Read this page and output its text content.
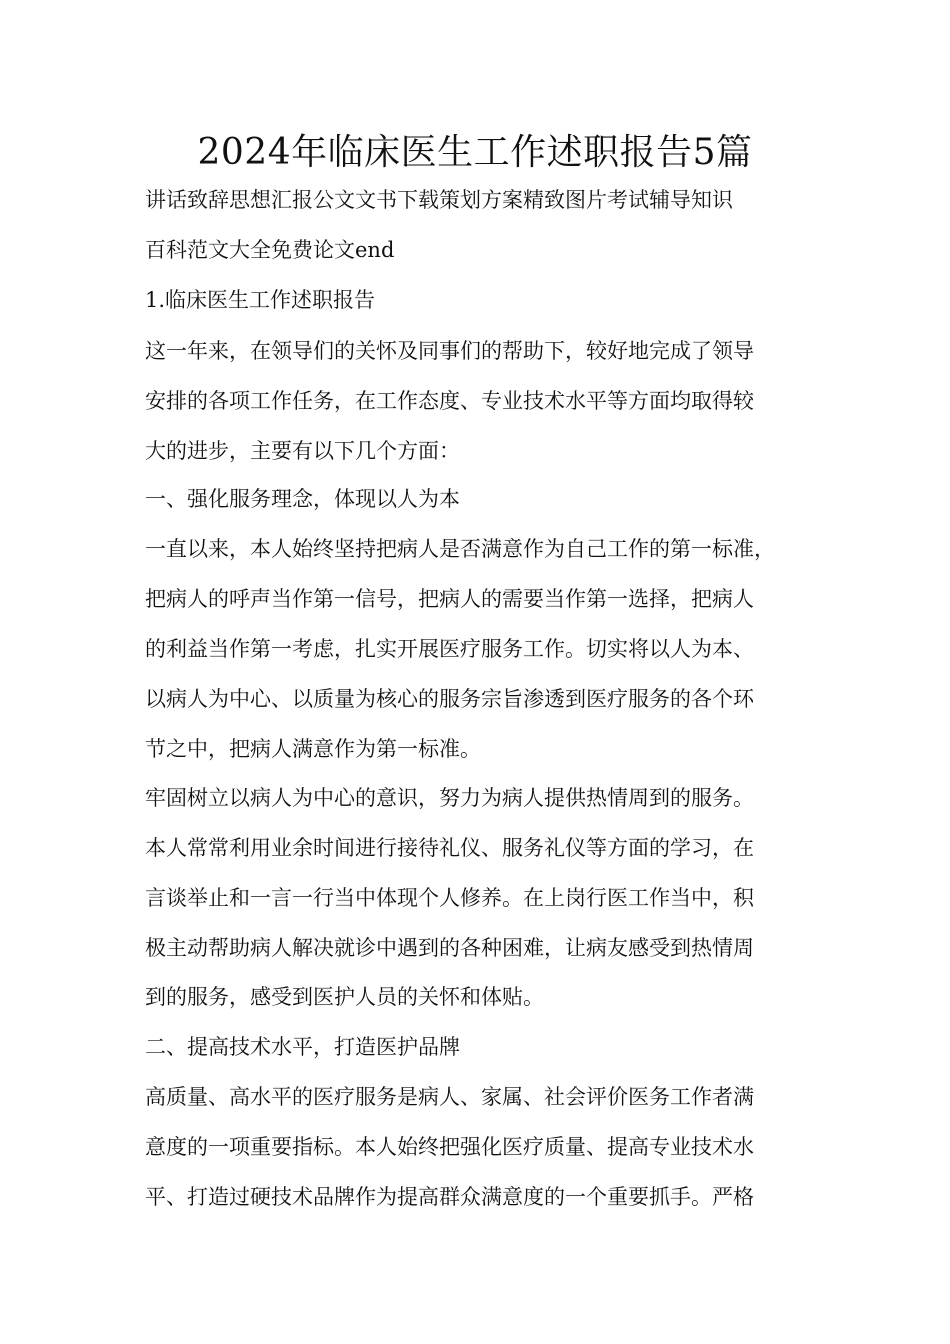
2024年临床医生工作述职报告5篇

讲话致辞思想汇报公文文书下载策划方案精致图片考试辅导知识

百科范文大全免费论文end

1.临床医生工作述职报告

这一年来，在领导们的关怀及同事们的帮助下，较好地完成了领导

安排的各项工作任务，在工作态度、专业技术水平等方面均取得较

大的进步，主要有以下几个方面：

一、强化服务理念，体现以人为本

一直以来，本人始终坚持把病人是否满意作为自己工作的第一标准，

把病人的呼声当作第一信号，把病人的需要当作第一选择，把病人

的利益当作第一考虑，扎实开展医疗服务工作。切实将以人为本、

以病人为中心、以质量为核心的服务宗旨渗透到医疗服务的各个环

节之中，把病人满意作为第一标准。

牢固树立以病人为中心的意识，努力为病人提供热情周到的服务。

本人常常利用业余时间进行接待礼仪、服务礼仪等方面的学习，在

言谈举止和一言一行当中体现个人修养。在上岗行医工作当中，积

极主动帮助病人解决就诊中遇到的各种困难，让病友感受到热情周

到的服务，感受到医护人员的关怀和体贴。

二、提高技术水平，打造医护品牌

高质量、高水平的医疗服务是病人、家属、社会评价医务工作者满

意度的一项重要指标。本人始终把强化医疗质量、提高专业技术水

平、打造过硬技术品牌作为提高群众满意度的一个重要抓手。严格
